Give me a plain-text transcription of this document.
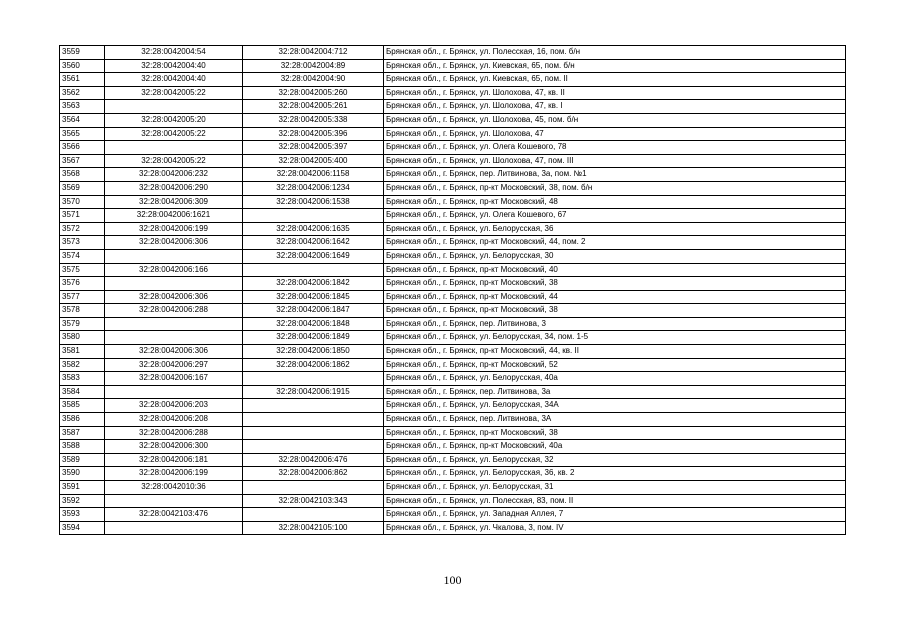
3559	32:28:0042004:54	32:28:0042004:712	Брянская обл., г. Брянск, ул. Полесская, 16, пом. б/н
3560	32:28:0042004:40	32:28:0042004:89	Брянская обл., г. Брянск, ул. Киевская, 65, пом. б/н
3561	32:28:0042004:40	32:28:0042004:90	Брянская обл., г. Брянск, ул. Киевская, 65, пом. II
3562	32:28:0042005:22	32:28:0042005:260	Брянская обл., г. Брянск, ул. Шолохова, 47, кв. II
3563		32:28:0042005:261	Брянская обл., г. Брянск, ул. Шолохова, 47, кв. I
3564	32:28:0042005:20	32:28:0042005:338	Брянская обл., г. Брянск, ул. Шолохова, 45, пом. б/н
3565	32:28:0042005:22	32:28:0042005:396	Брянская обл., г. Брянск, ул. Шолохова, 47
3566		32:28:0042005:397	Брянская обл., г. Брянск, ул. Олега Кошевого, 78
3567	32:28:0042005:22	32:28:0042005:400	Брянская обл., г. Брянск, ул. Шолохова, 47, пом. III
3568	32:28:0042006:232	32:28:0042006:1158	Брянская обл., г. Брянск, пер. Литвинова, 3а, пом. №1
3569	32:28:0042006:290	32:28:0042006:1234	Брянская обл., г. Брянск, пр-кт Московский, 38, пом. б/н
3570	32:28:0042006:309	32:28:0042006:1538	Брянская обл., г. Брянск, пр-кт Московский, 48
3571	32:28:0042006:1621		Брянская обл., г. Брянск, ул. Олега Кошевого, 67
3572	32:28:0042006:199	32:28:0042006:1635	Брянская обл., г. Брянск, ул. Белорусская, 36
3573	32:28:0042006:306	32:28:0042006:1642	Брянская обл., г. Брянск, пр-кт Московский, 44, пом. 2
3574		32:28:0042006:1649	Брянская обл., г. Брянск, ул. Белорусская, 30
3575	32:28:0042006:166		Брянская обл., г. Брянск, пр-кт Московский, 40
3576		32:28:0042006:1842	Брянская обл., г. Брянск, пр-кт Московский, 38
3577	32:28:0042006:306	32:28:0042006:1845	Брянская обл., г. Брянск, пр-кт Московский, 44
3578	32:28:0042006:288	32:28:0042006:1847	Брянская обл., г. Брянск, пр-кт Московский, 38
3579		32:28:0042006:1848	Брянская обл., г. Брянск, пер. Литвинова, 3
3580		32:28:0042006:1849	Брянская обл., г. Брянск, ул. Белорусская, 34, пом. 1-5
3581	32:28:0042006:306	32:28:0042006:1850	Брянская обл., г. Брянск, пр-кт Московский, 44, кв. II
3582	32:28:0042006:297	32:28:0042006:1862	Брянская обл., г. Брянск, пр-кт Московский, 52
3583	32:28:0042006:167		Брянская обл., г. Брянск, ул. Белорусская, 40а
3584		32:28:0042006:1915	Брянская обл., г. Брянск, пер. Литвинова, 3а
3585	32:28:0042006:203		Брянская обл., г. Брянск, ул. Белорусская, 34А
3586	32:28:0042006:208		Брянская обл., г. Брянск, пер. Литвинова, 3А
3587	32:28:0042006:288		Брянская обл., г. Брянск, пр-кт Московский, 38
3588	32:28:0042006:300		Брянская обл., г. Брянск, пр-кт Московский, 40а
3589	32:28:0042006:181	32:28:0042006:476	Брянская обл., г. Брянск, ул. Белорусская, 32
3590	32:28:0042006:199	32:28:0042006:862	Брянская обл., г. Брянск, ул. Белорусская, 36, кв. 2
3591	32:28:0042010:36		Брянская обл., г. Брянск, ул. Белорусская, 31
3592		32:28:0042103:343	Брянская обл., г. Брянск, ул. Полесская, 83, пом. II
3593	32:28:0042103:476		Брянская обл., г. Брянск, ул. Западная Аллея, 7
3594		32:28:0042105:100	Брянская обл., г. Брянск, ул. Чкалова, 3, пом. IV
100
